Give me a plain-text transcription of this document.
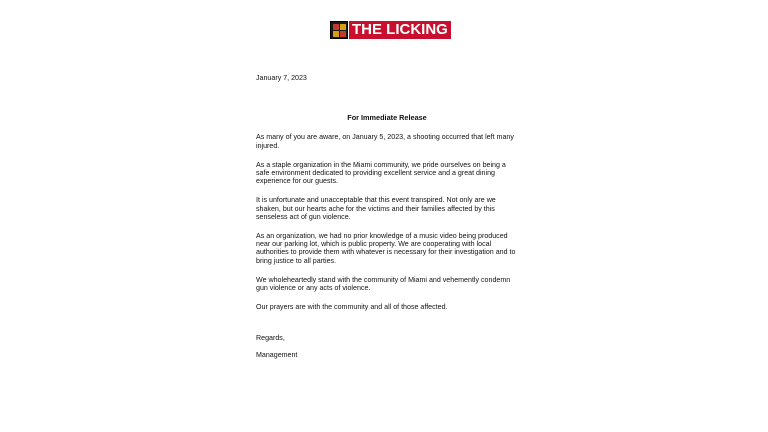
THE LICKING

January 7, 2023

For Immediate Release

As many of you are aware, on January 5, 2023, a shooting occurred that left many injured.

As a staple organization in the Miami community, we pride ourselves on being a safe environment dedicated to providing excellent service and a great dining experience for our guests.

It is unfortunate and unacceptable that this event transpired. Not only are we shaken, but our hearts ache for the victims and their families affected by this senseless act of gun violence.

As an organization, we had no prior knowledge of a music video being produced near our parking lot, which is public property. We are cooperating with local authorities to provide them with whatever is necessary for their investigation and to bring justice to all parties.

We wholeheartedly stand with the community of Miami and vehemently condemn gun violence or any acts of violence.

Our prayers are with the community and all of those affected.

Regards,

Management
